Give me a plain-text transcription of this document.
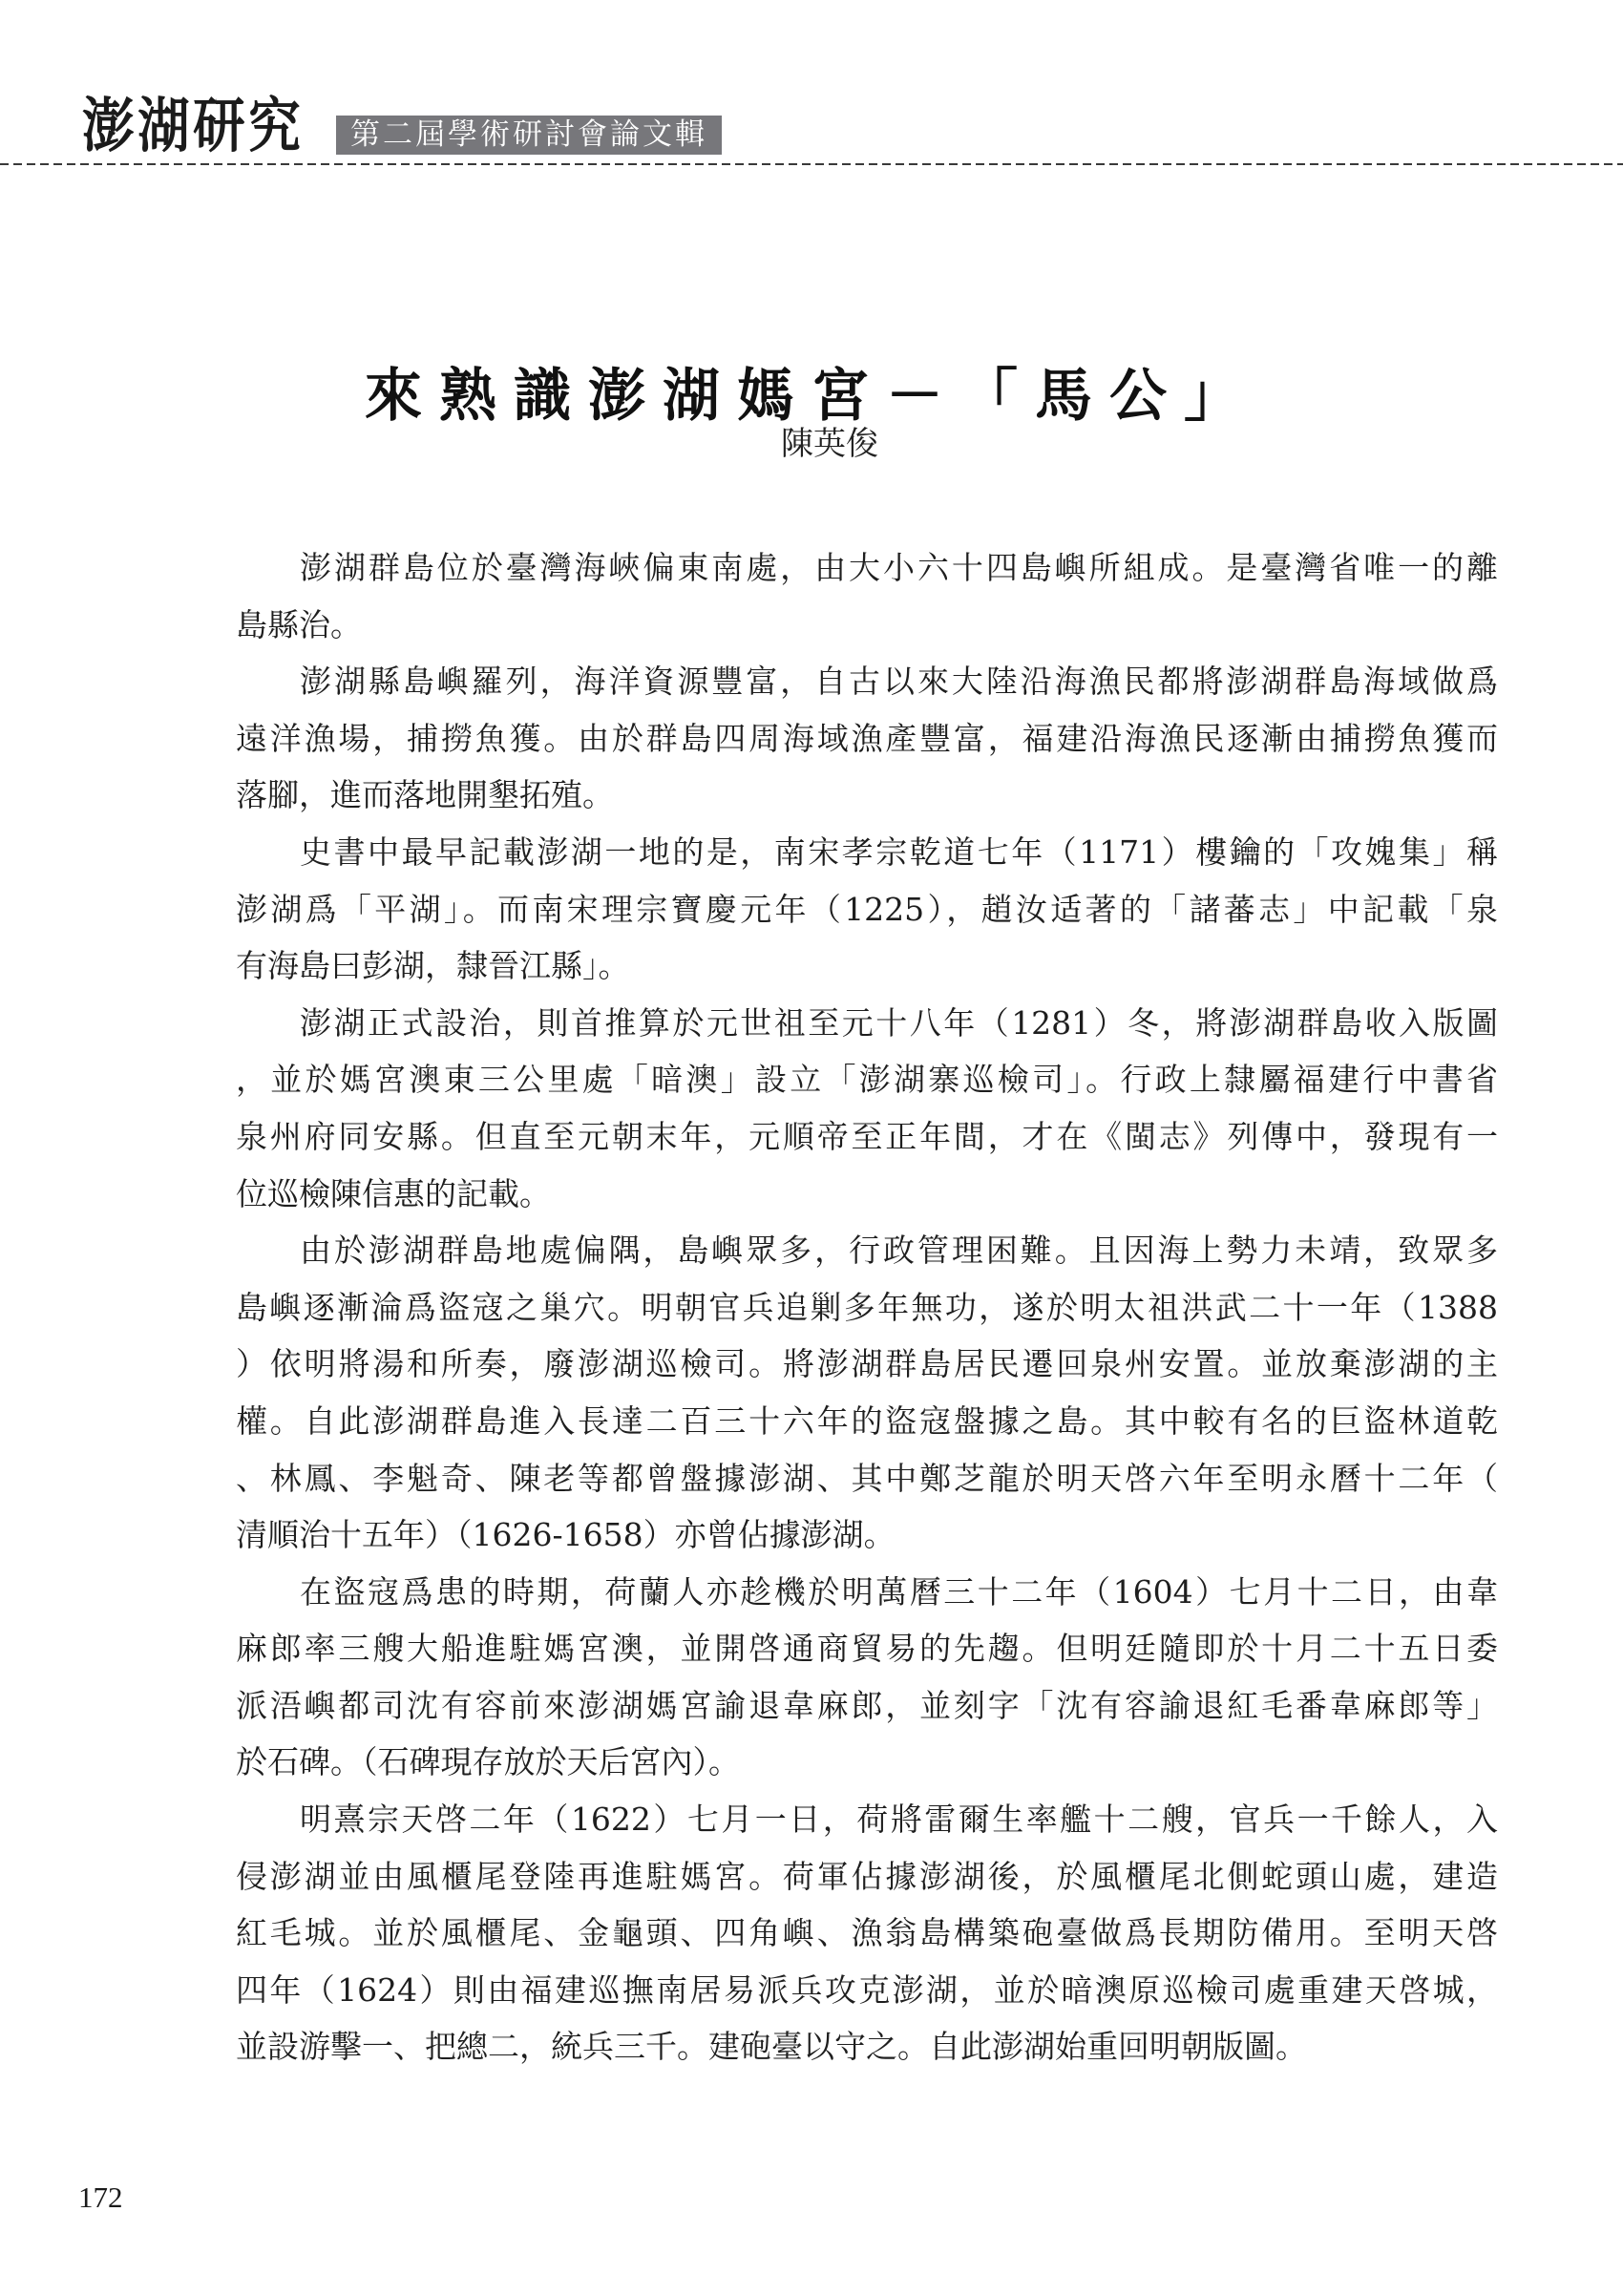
澎湖研究	第二屆學術研討會論文輯
來熟識澎湖媽宮－「馬公」
陳英俊

澎湖群島位於臺灣海峽偏東南處，由大小六十四島嶼所組成。是臺灣省唯一的離
島縣治。

澎湖縣島嶼羅列，海洋資源豐富，自古以來大陸沿海漁民都將澎湖群島海域做爲
遠洋漁場，捕撈魚獲。由於群島四周海域漁產豐富，福建沿海漁民逐漸由捕撈魚獲而
落腳，進而落地開墾拓殖。

史書中最早記載澎湖一地的是，南宋孝宗乾道七年（1171）樓鑰的「攻媿集」稱
澎湖爲「平湖」。而南宋理宗寶慶元年（1225），趙汝适著的「諸蕃志」中記載「泉
有海島曰彭湖，隸晉江縣」。

澎湖正式設治，則首推算於元世祖至元十八年（1281）冬，將澎湖群島收入版圖
，並於媽宮澳東三公里處「暗澳」設立「澎湖寨巡檢司」。行政上隸屬福建行中書省
泉州府同安縣。但直至元朝末年，元順帝至正年間，才在《閩志》列傳中，發現有一
位巡檢陳信惠的記載。

由於澎湖群島地處偏隅，島嶼眾多，行政管理困難。且因海上勢力未靖，致眾多
島嶼逐漸淪爲盜寇之巢穴。明朝官兵追剿多年無功，遂於明太祖洪武二十一年（1388
）依明將湯和所奏，廢澎湖巡檢司。將澎湖群島居民遷回泉州安置。並放棄澎湖的主
權。自此澎湖群島進入長達二百三十六年的盜寇盤據之島。其中較有名的巨盜林道乾
、林鳳、李魁奇、陳老等都曾盤據澎湖、其中鄭芝龍於明天啓六年至明永曆十二年（
清順治十五年）（1626-1658）亦曾佔據澎湖。

在盜寇爲患的時期，荷蘭人亦趁機於明萬曆三十二年（1604）七月十二日，由韋
麻郎率三艘大船進駐媽宮澳，並開啓通商貿易的先趨。但明廷隨即於十月二十五日委
派浯嶼都司沈有容前來澎湖媽宮諭退韋麻郎，並刻字「沈有容諭退紅毛番韋麻郎等」
於石碑。（石碑現存放於天后宮內）。

明熹宗天啓二年（1622）七月一日，荷將雷爾生率艦十二艘，官兵一千餘人，入
侵澎湖並由風櫃尾登陸再進駐媽宮。荷軍佔據澎湖後，於風櫃尾北側蛇頭山處，建造
紅毛城。並於風櫃尾、金龜頭、四角嶼、漁翁島構築砲臺做爲長期防備用。至明天啓
四年（1624）則由福建巡撫南居易派兵攻克澎湖，並於暗澳原巡檢司處重建天啓城，
並設游擊一、把總二，統兵三千。建砲臺以守之。自此澎湖始重回明朝版圖。

172
